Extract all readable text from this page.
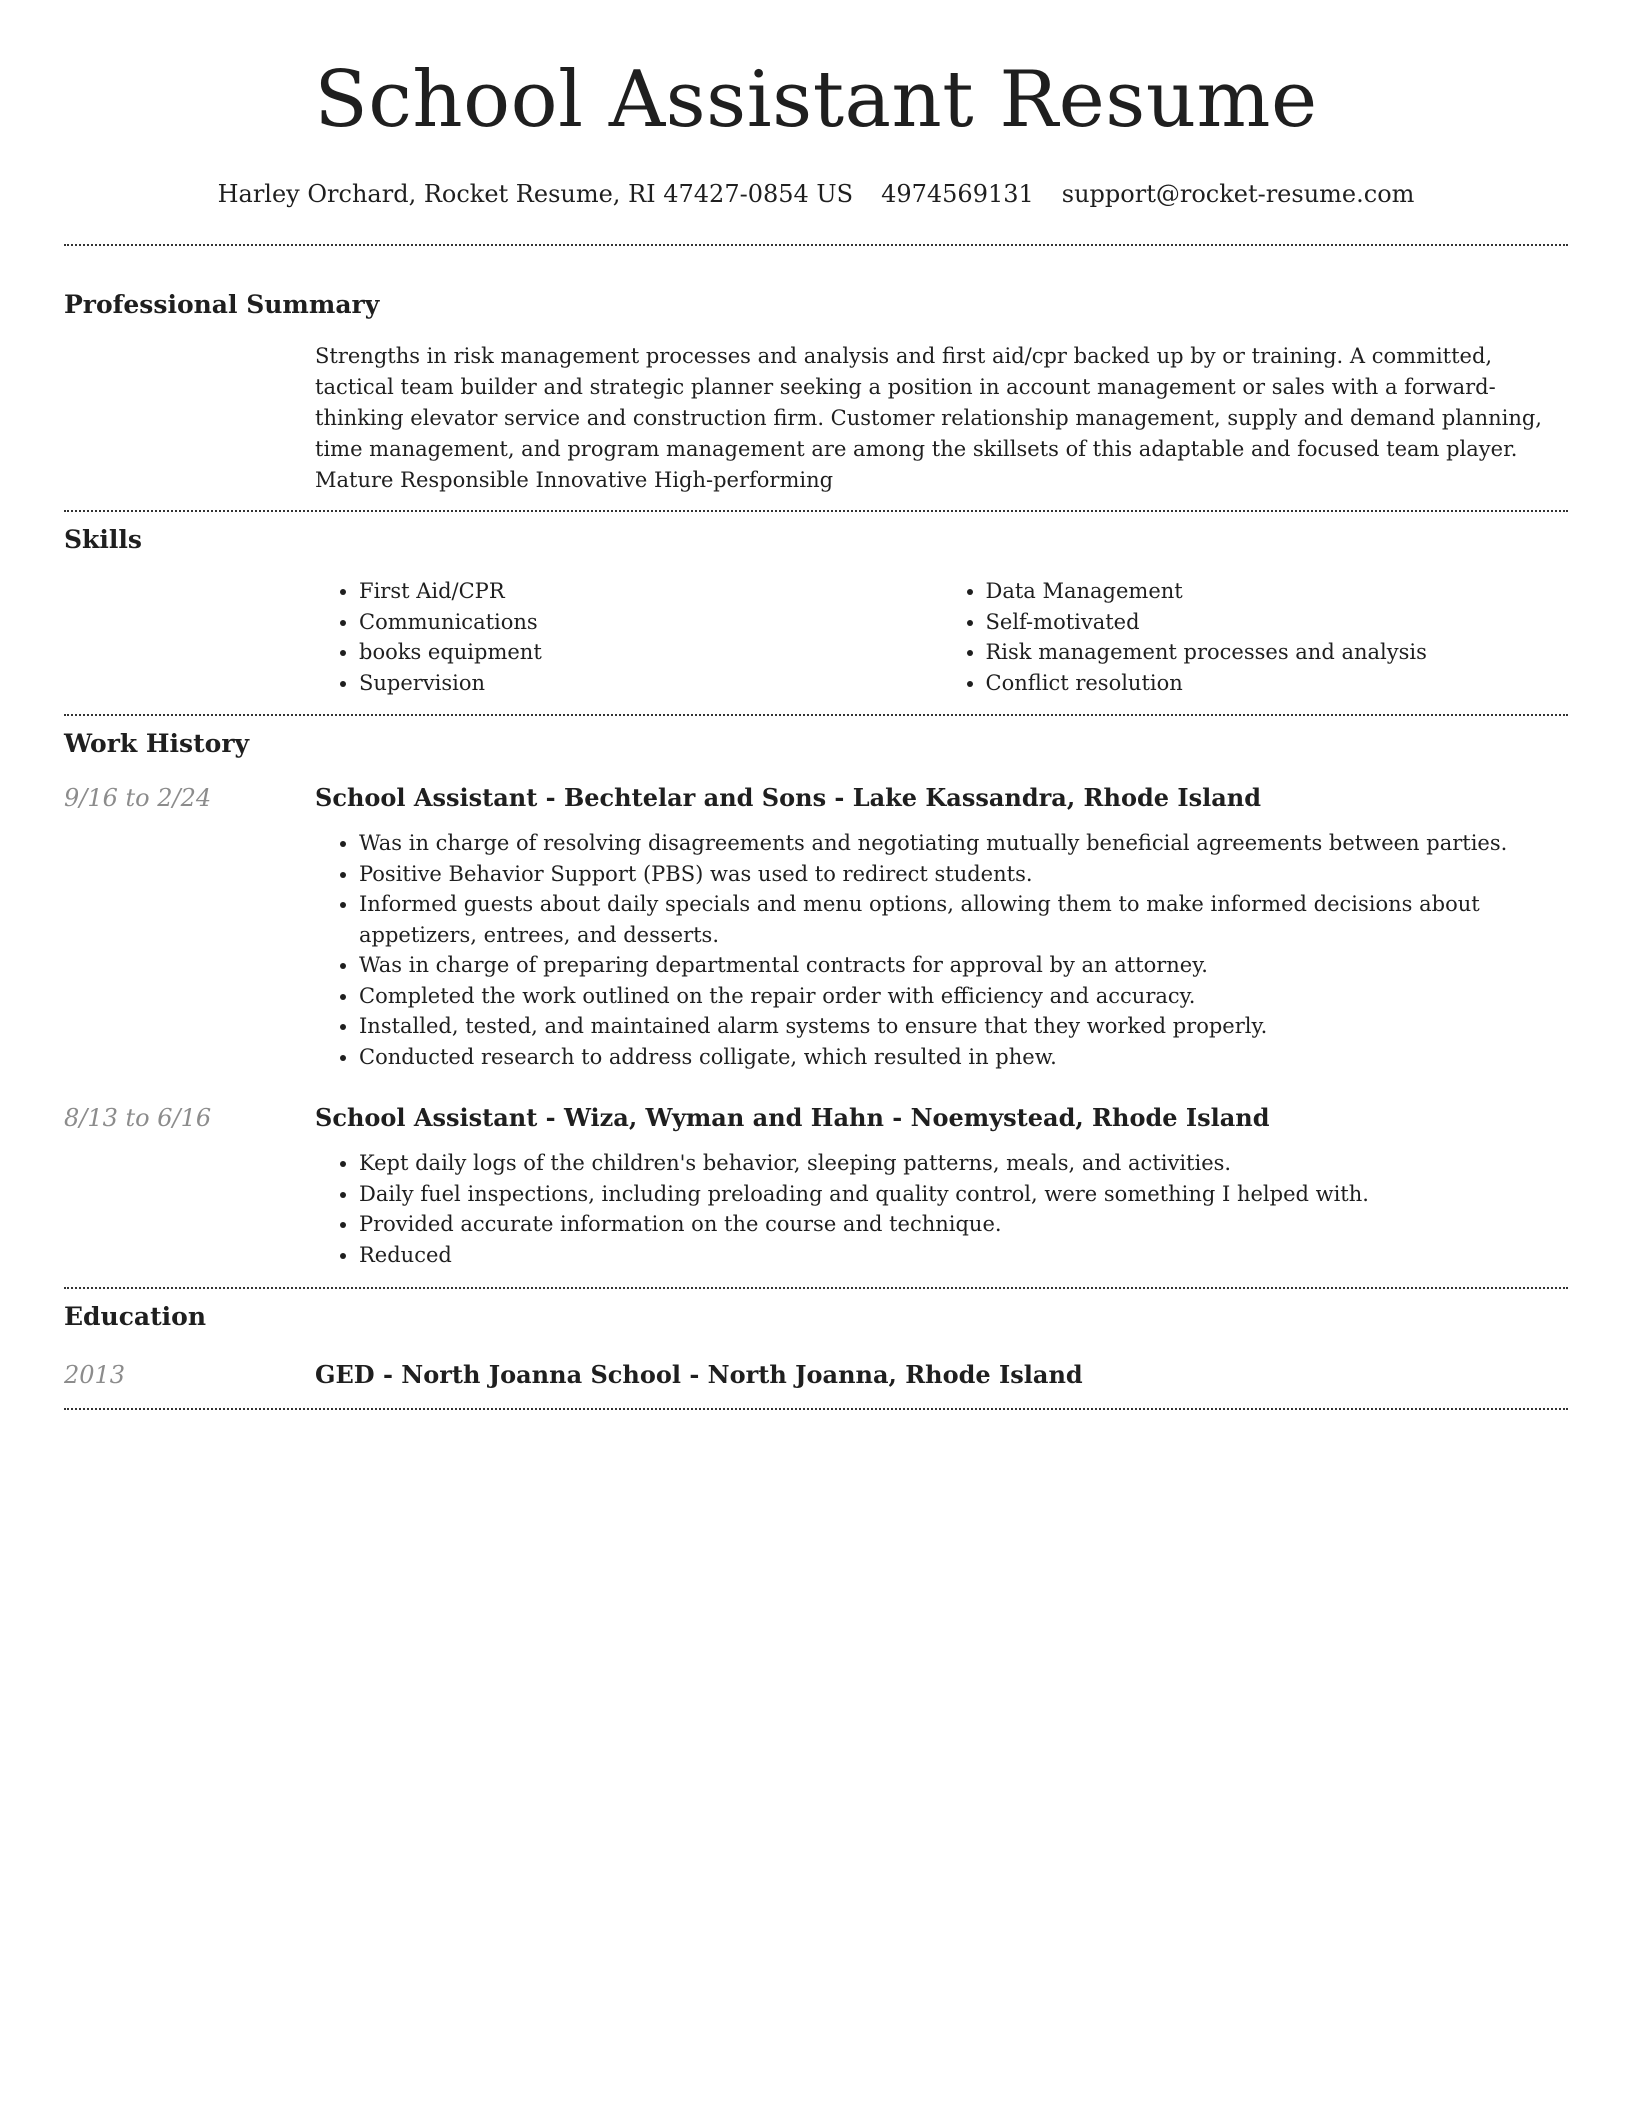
School Assistant Resume
Harley Orchard, Rocket Resume, RI 47427-0854 US 4974569131 support@rocket-resume.com
Professional Summary

Strengths in risk management processes and analysis and first aid/cpr backed up by or training. A committed, tactical team builder and strategic planner seeking a position in account management or sales with a forward-thinking elevator service and construction firm. Customer relationship management, supply and demand planning, time management, and program management are among the skillsets of this adaptable and focused team player. Mature Responsible Innovative High-performing

Skills
• First Aid/CPR
• Communications
• books equipment
• Supervision
• Data Management
• Self-motivated
• Risk management processes and analysis
• Conflict resolution
Work History
9/16 to 2/24	School Assistant - Bechtelar and Sons - Lake Kassandra, Rhode Island
• Was in charge of resolving disagreements and negotiating mutually beneficial agreements between parties.
• Positive Behavior Support (PBS) was used to redirect students.
• Informed guests about daily specials and menu options, allowing them to make informed decisions about appetizers, entrees, and desserts.
• Was in charge of preparing departmental contracts for approval by an attorney.
• Completed the work outlined on the repair order with efficiency and accuracy.
• Installed, tested, and maintained alarm systems to ensure that they worked properly.
• Conducted research to address colligate, which resulted in phew.
8/13 to 6/16	School Assistant - Wiza, Wyman and Hahn - Noemystead, Rhode Island
• Kept daily logs of the children's behavior, sleeping patterns, meals, and activities.
• Daily fuel inspections, including preloading and quality control, were something I helped with.
• Provided accurate information on the course and technique.
• Reduced
Education
2013	GED - North Joanna School - North Joanna, Rhode Island
